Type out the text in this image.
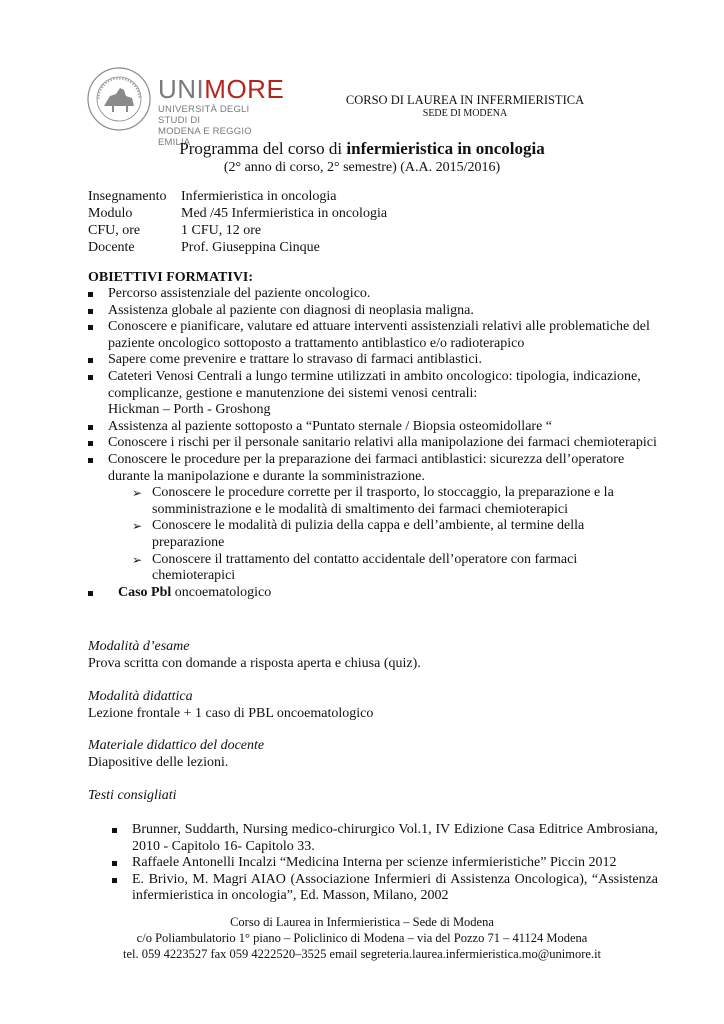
UNIMORE
UNIVERSITÀ DEGLI STUDI DI
MODENA E REGGIO EMILIA
CORSO DI LAUREA IN INFERMIERISTICA
SEDE DI MODENA
Programma del corso di infermieristica in oncologia
(2° anno di corso, 2° semestre) (A.A. 2015/2016)
Insegnamento	Infermieristica in oncologia
Modulo	Med /45 Infermieristica in oncologia
CFU, ore	1 CFU, 12 ore
Docente	Prof. Giuseppina Cinque
OBIETTIVI FORMATIVI:
Percorso assistenziale del paziente oncologico.
Assistenza globale al paziente con diagnosi di neoplasia maligna.
Conoscere e pianificare, valutare ed attuare interventi assistenziali relativi alle problematiche del paziente oncologico sottoposto a trattamento antiblastico e/o radioterapico
Sapere come prevenire e trattare lo stravaso di farmaci antiblastici.
Cateteri Venosi Centrali a lungo termine utilizzati in ambito oncologico: tipologia, indicazione, complicanze, gestione e manutenzione dei sistemi venosi centrali:
Hickman – Porth - Groshong
Assistenza al paziente sottoposto a “Puntato sternale / Biopsia osteomidollare “
Conoscere i rischi per il personale sanitario relativi alla manipolazione dei farmaci chemioterapici
Conoscere le procedure per la preparazione dei farmaci antiblastici: sicurezza dell’operatore durante la manipolazione e durante la somministrazione.
➢ Conoscere le procedure corrette per il trasporto, lo stoccaggio, la preparazione e la somministrazione e le modalità di smaltimento dei farmaci chemioterapici
➢ Conoscere le modalità di pulizia della cappa e dell’ambiente, al termine della preparazione
➢ Conoscere il trattamento del contatto accidentale dell’operatore con farmaci chemioterapici
Caso Pbl oncoematologico
Modalità d’esame
Prova scritta con domande a risposta aperta e chiusa (quiz).
Modalità didattica
Lezione frontale + 1 caso di PBL oncoematologico
Materiale didattico del docente
Diapositive delle lezioni.
Testi consigliati
Brunner, Suddarth, Nursing medico-chirurgico Vol.1, IV Edizione Casa Editrice Ambrosiana, 2010 - Capitolo 16- Capitolo 33.
Raffaele Antonelli Incalzi “Medicina Interna per scienze infermieristiche” Piccin 2012
E. Brivio, M. Magri AIAO (Associazione Infermieri di Assistenza Oncologica), “Assistenza infermieristica in oncologia”, Ed. Masson, Milano, 2002
Corso di Laurea in Infermieristica – Sede di Modena
c/o Poliambulatorio 1° piano – Policlinico di Modena – via del Pozzo 71 – 41124 Modena
tel. 059 4223527 fax 059 4222520–3525 email segreteria.laurea.infermieristica.mo@unimore.it
